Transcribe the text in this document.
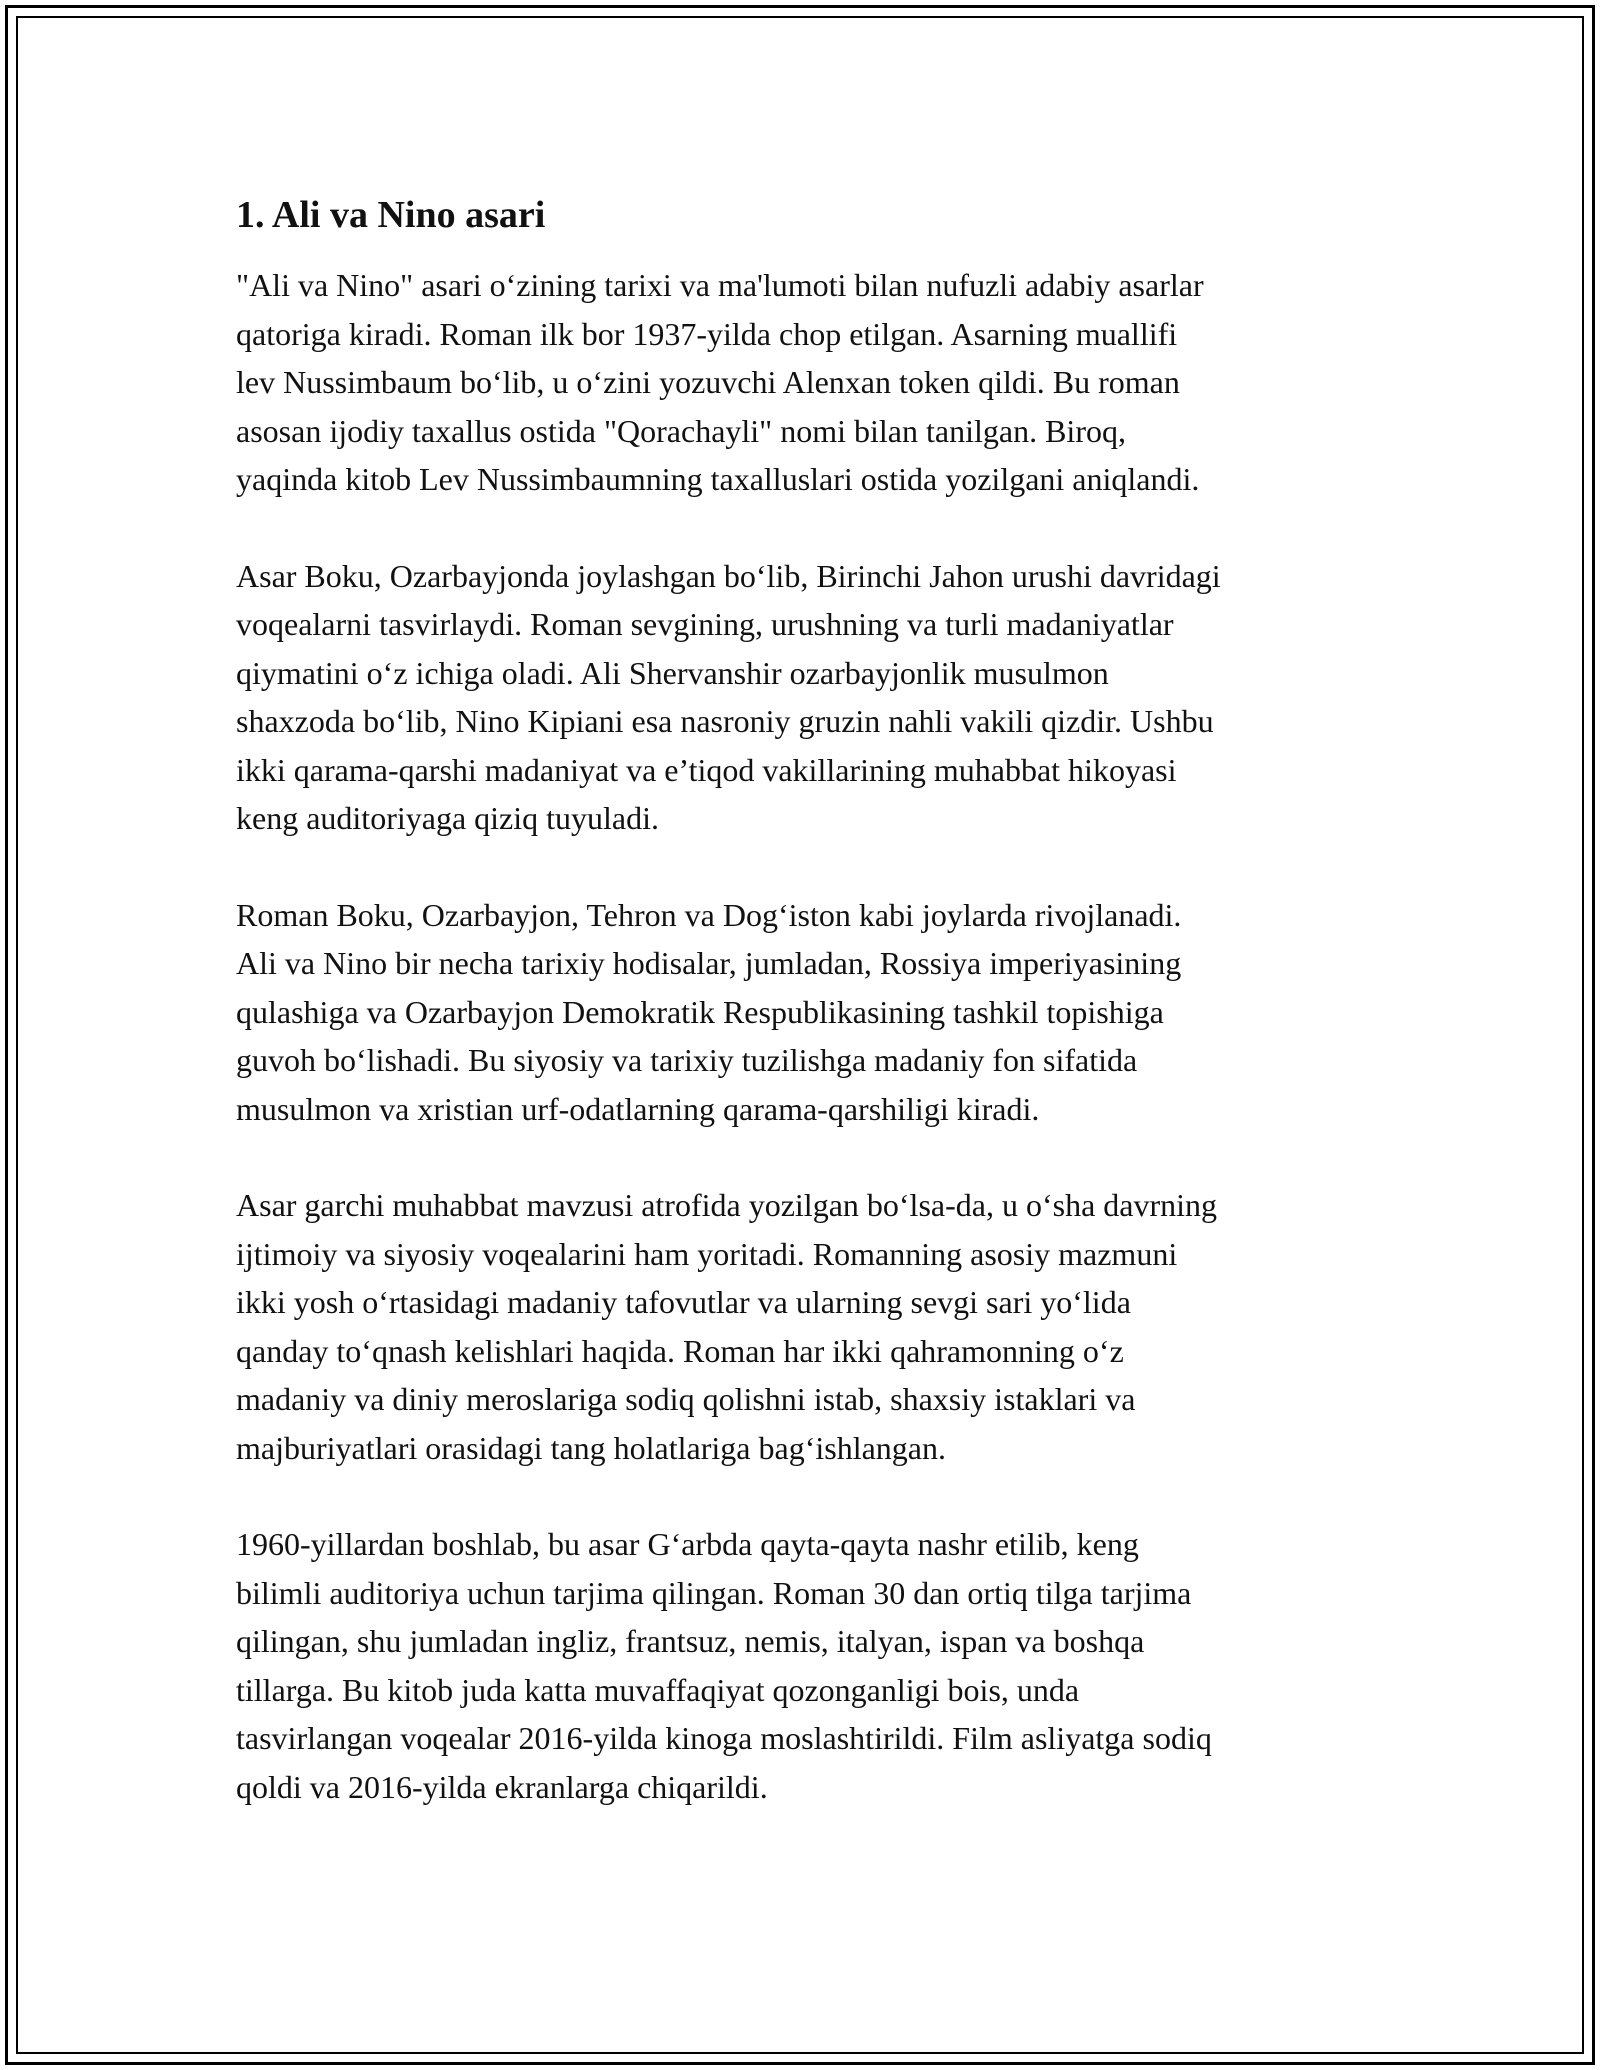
1. Ali va Nino asari

"Ali va Nino" asari o‘zining tarixi va ma'lumoti bilan nufuzli adabiy asarlar
qatoriga kiradi. Roman ilk bor 1937-yilda chop etilgan. Asarning muallifi
lev Nussimbaum bo‘lib, u o‘zini yozuvchi Alenxan token qildi. Bu roman
asosan ijodiy taxallus ostida "Qorachayli" nomi bilan tanilgan. Biroq,
yaqinda kitob Lev Nussimbaumning taxalluslari ostida yozilgani aniqlandi.

Asar Boku, Ozarbayjonda joylashgan bo‘lib, Birinchi Jahon urushi davridagi
voqealarni tasvirlaydi. Roman sevgining, urushning va turli madaniyatlar
qiymatini o‘z ichiga oladi. Ali Shervanshir ozarbayjonlik musulmon
shaxzoda bo‘lib, Nino Kipiani esa nasroniy gruzin nahli vakili qizdir. Ushbu
ikki qarama-qarshi madaniyat va e’tiqod vakillarining muhabbat hikoyasi
keng auditoriyaga qiziq tuyuladi.

Roman Boku, Ozarbayjon, Tehron va Dog‘iston kabi joylarda rivojlanadi.
Ali va Nino bir necha tarixiy hodisalar, jumladan, Rossiya imperiyasining
qulashiga va Ozarbayjon Demokratik Respublikasining tashkil topishiga
guvoh bo‘lishadi. Bu siyosiy va tarixiy tuzilishga madaniy fon sifatida
musulmon va xristian urf-odatlarning qarama-qarshiligi kiradi.

Asar garchi muhabbat mavzusi atrofida yozilgan bo‘lsa-da, u o‘sha davrning
ijtimoiy va siyosiy voqealarini ham yoritadi. Romanning asosiy mazmuni
ikki yosh o‘rtasidagi madaniy tafovutlar va ularning sevgi sari yo‘lida
qanday to‘qnash kelishlari haqida. Roman har ikki qahramonning o‘z
madaniy va diniy meroslariga sodiq qolishni istab, shaxsiy istaklari va
majburiyatlari orasidagi tang holatlariga bag‘ishlangan.

1960-yillardan boshlab, bu asar G‘arbda qayta-qayta nashr etilib, keng
bilimli auditoriya uchun tarjima qilingan. Roman 30 dan ortiq tilga tarjima
qilingan, shu jumladan ingliz, frantsuz, nemis, italyan, ispan va boshqa
tillarga. Bu kitob juda katta muvaffaqiyat qozonganligi bois, unda
tasvirlangan voqealar 2016-yilda kinoga moslashtirildi. Film asliyatga sodiq
qoldi va 2016-yilda ekranlarga chiqarildi.
